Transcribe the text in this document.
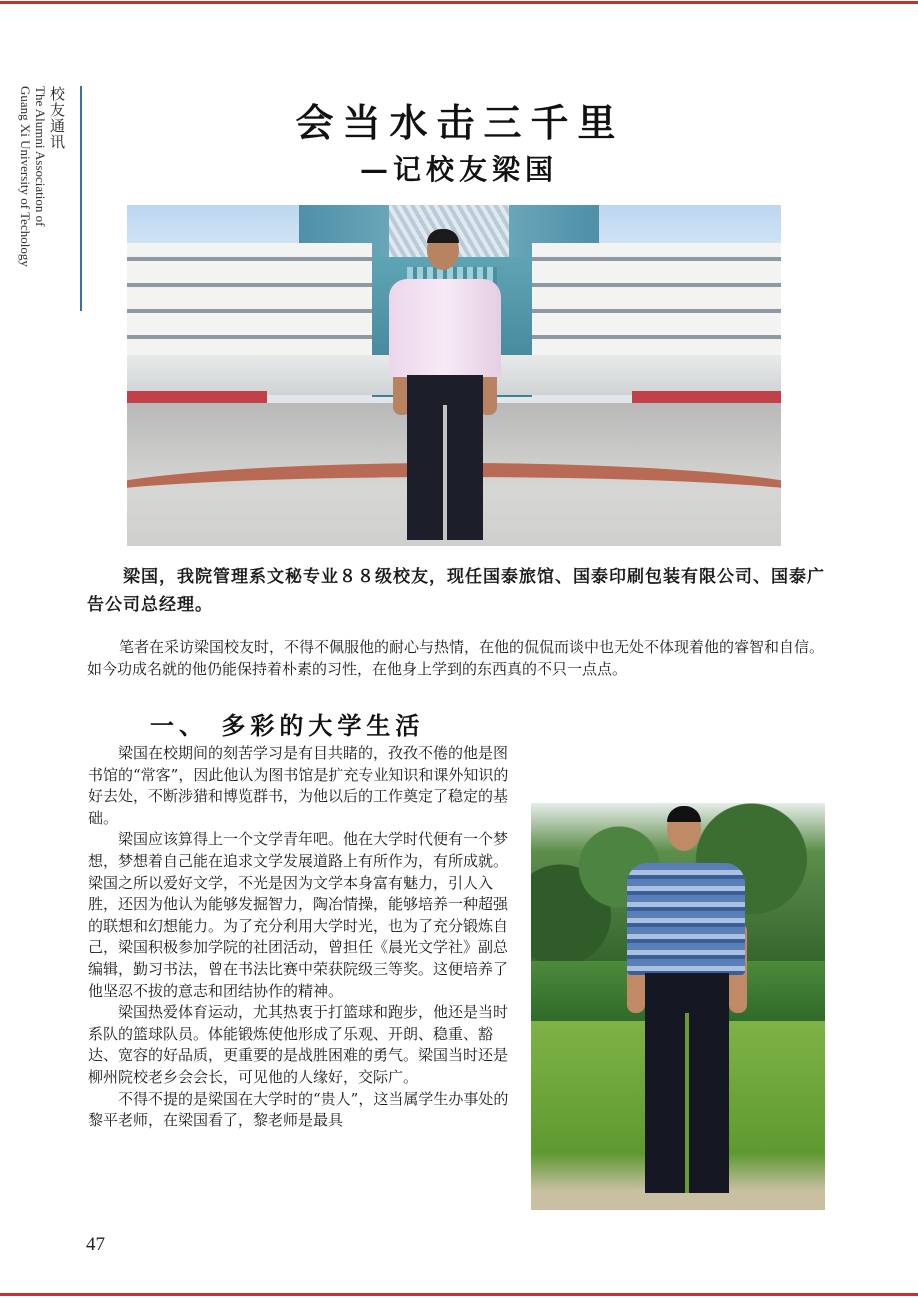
校友通讯
The Alumni Association of
Guang Xi University of Techology	会当水击三千里
—记校友梁国

梁国，我院管理系文秘专业８８级校友，现任国泰旅馆、国泰印刷包装有限公司、国泰广告公司总经理。

笔者在采访梁国校友时，不得不佩服他的耐心与热情，在他的侃侃而谈中也无处不体现着他的睿智和自信。如今功成名就的他仍能保持着朴素的习性，在他身上学到的东西真的不只一点点。

一、 多彩的大学生活

梁国在校期间的刻苦学习是有目共睹的，孜孜不倦的他是图书馆的“常客”，因此他认为图书馆是扩充专业知识和课外知识的好去处，不断涉猎和博览群书，为他以后的工作奠定了稳定的基础。

梁国应该算得上一个文学青年吧。他在大学时代便有一个梦想，梦想着自己能在追求文学发展道路上有所作为，有所成就。梁国之所以爱好文学，不光是因为文学本身富有魅力，引人入胜，还因为他认为能够发掘智力，陶冶情操，能够培养一种超强的联想和幻想能力。为了充分利用大学时光，也为了充分锻炼自己，梁国积极参加学院的社团活动，曾担任《晨光文学社》副总编辑，勤习书法，曾在书法比赛中荣获院级三等奖。这便培养了他坚忍不拔的意志和团结协作的精神。

梁国热爱体育运动，尤其热衷于打篮球和跑步，他还是当时系队的篮球队员。体能锻炼使他形成了乐观、开朗、稳重、豁达、宽容的好品质，更重要的是战胜困难的勇气。梁国当时还是柳州院校老乡会会长，可见他的人缘好，交际广。

不得不提的是梁国在大学时的“贵人”，这当属学生办事处的黎平老师，在梁国看了，黎老师是最具

47
